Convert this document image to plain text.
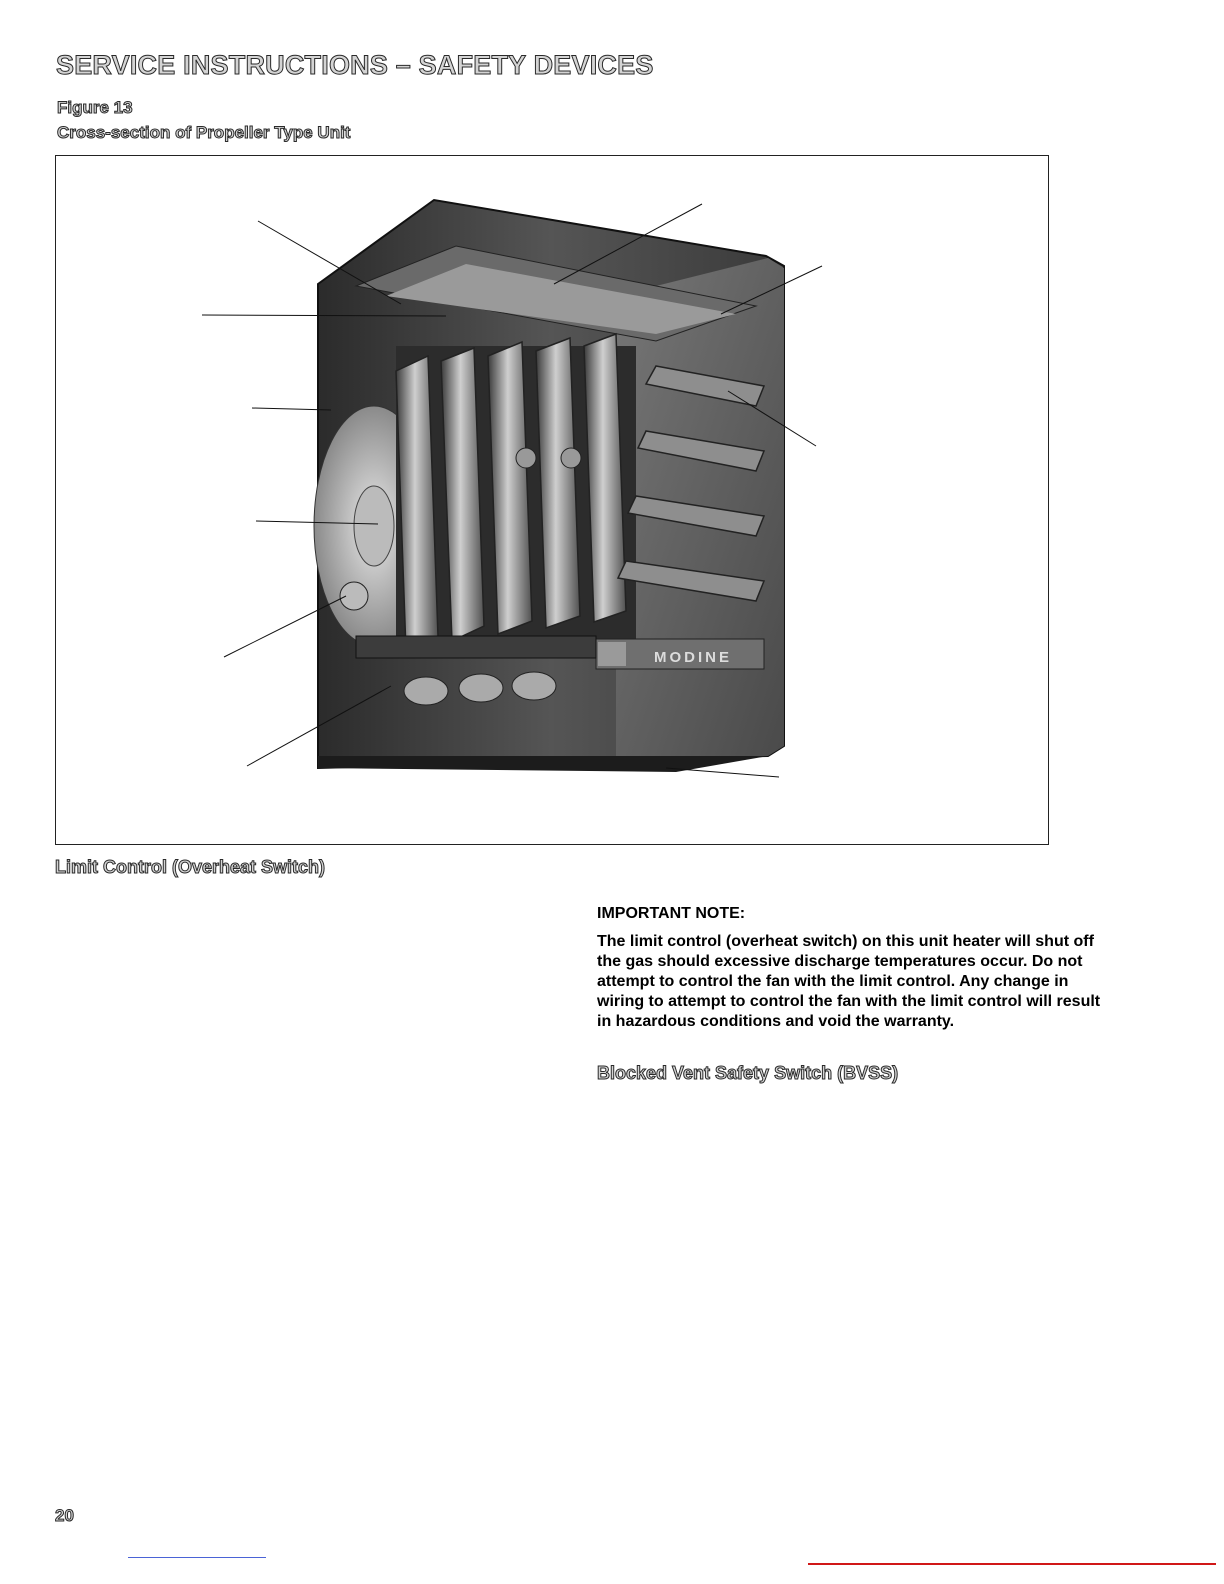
SERVICE INSTRUCTIONS – SAFETY DEVICES
Figure 13
Cross-section of Propeller Type Unit
MODINE
Limit Control (Overheat Switch)
IMPORTANT NOTE:
The limit control (overheat switch) on this unit heater will shut off the gas should excessive discharge temperatures occur. Do not attempt to control the fan with the limit control. Any change in wiring to attempt to control the fan with the limit control will result in hazardous conditions and void the warranty.
Blocked Vent Safety Switch (BVSS)
20
